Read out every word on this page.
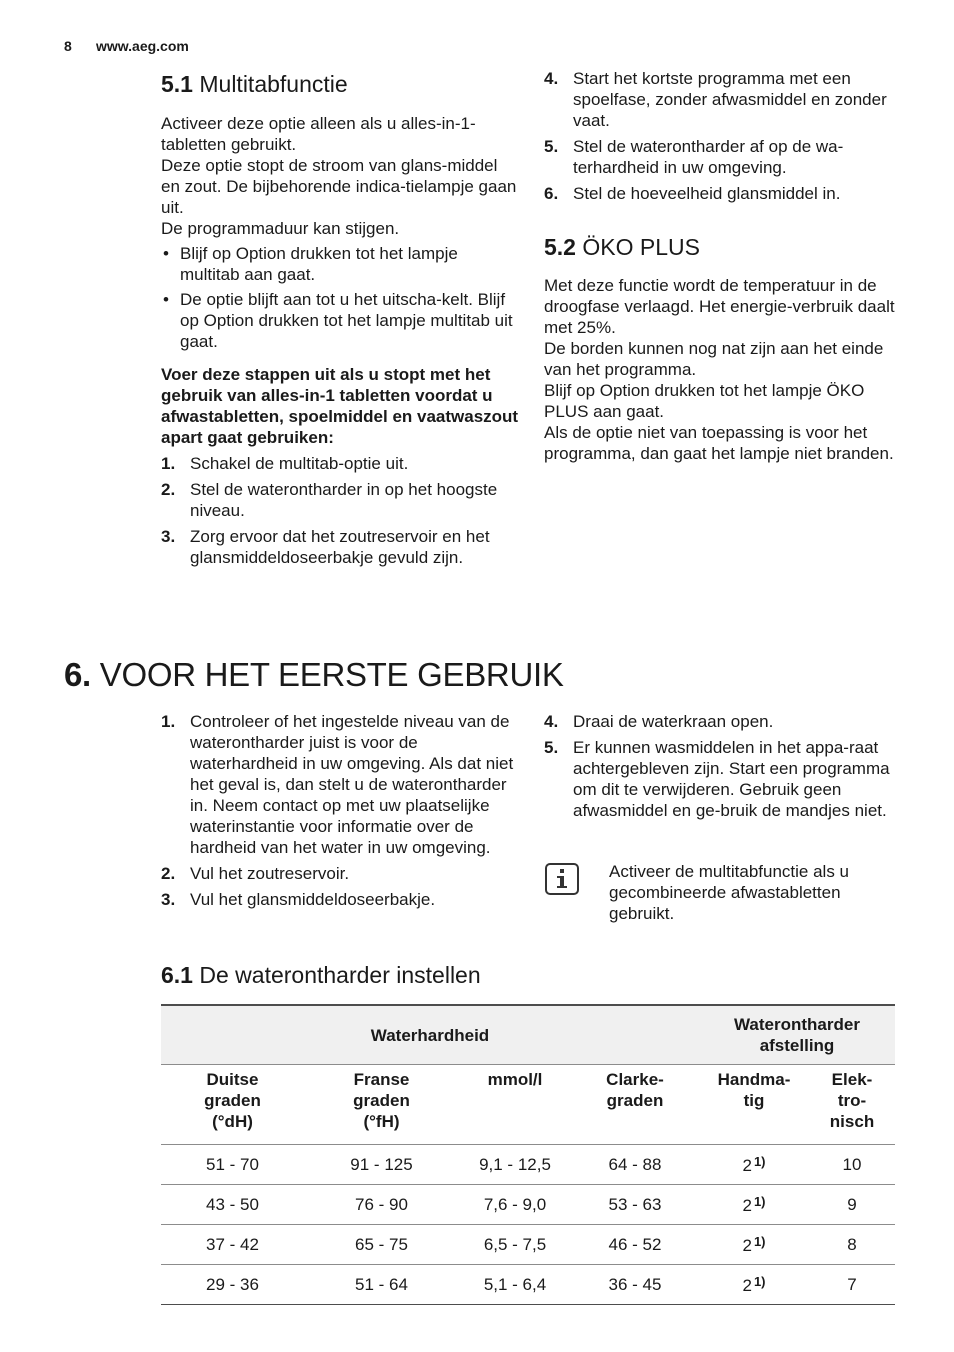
8 www.aeg.com
5.1 Multitabfunctie

Activeer deze optie alleen als u alles-in-1-tabletten gebruikt.

Deze optie stopt de stroom van glans-middel en zout. De bijbehorende indica-tielampje gaan uit.

De programmaduur kan stijgen.

• Blijf op Option drukken tot het lampje multitab aan gaat.
• De optie blijft aan tot u het uitscha-kelt. Blijf op Option drukken tot het lampje multitab uit gaat.

Voer deze stappen uit als u stopt met het gebruik van alles-in-1 tabletten voordat u afwastabletten, spoelmiddel en vaatwaszout apart gaat gebruiken:

1. Schakel de multitab-optie uit.
2. Stel de waterontharder in op het hoogste niveau.
3. Zorg ervoor dat het zoutreservoir en het glansmiddeldoseerbakje gevuld zijn.
4. Start het kortste programma met een spoelfase, zonder afwasmiddel en zonder vaat.
5. Stel de waterontharder af op de wa-terhardheid in uw omgeving.
6. Stel de hoeveelheid glansmiddel in.
5.2 ÖKO PLUS

Met deze functie wordt de temperatuur in de droogfase verlaagd. Het energie-verbruik daalt met 25%.

De borden kunnen nog nat zijn aan het einde van het programma.

Blijf op Option drukken tot het lampje ÖKO PLUS aan gaat.

Als de optie niet van toepassing is voor het programma, dan gaat het lampje niet branden.

6. VOOR HET EERSTE GEBRUIK
1. Controleer of het ingestelde niveau van de waterontharder juist is voor de waterhardheid in uw omgeving. Als dat niet het geval is, dan stelt u de waterontharder in. Neem contact op met uw plaatselijke waterinstantie voor informatie over de hardheid van het water in uw omgeving.
2. Vul het zoutreservoir.
3. Vul het glansmiddeldoseerbakje.
4. Draai de waterkraan open.
5. Er kunnen wasmiddelen in het appa-raat achtergebleven zijn. Start een programma om dit te verwijderen. Gebruik geen afwasmiddel en ge-bruik de mandjes niet.
Activeer de multitabfunctie als u gecombineerde afwastabletten gebruikt.
6.1 De waterontharder instellen
Waterhardheid				Waterontharder afstelling	
Duitse graden (°dH)	Franse graden (°fH)	mmol/l	Clarke-graden	Handma-tig	Elek-tro-nisch
51 - 70	91 - 125	9,1 - 12,5	64 - 88	2 $^{1)}$	10
43 - 50	76 - 90	7,6 - 9,0	53 - 63	2 $^{1)}$	9
37 - 42	65 - 75	6,5 - 7,5	46 - 52	2 $^{1)}$	8
29 - 36	51 - 64	5,1 - 6,4	36 - 45	2 $^{1)}$	7
